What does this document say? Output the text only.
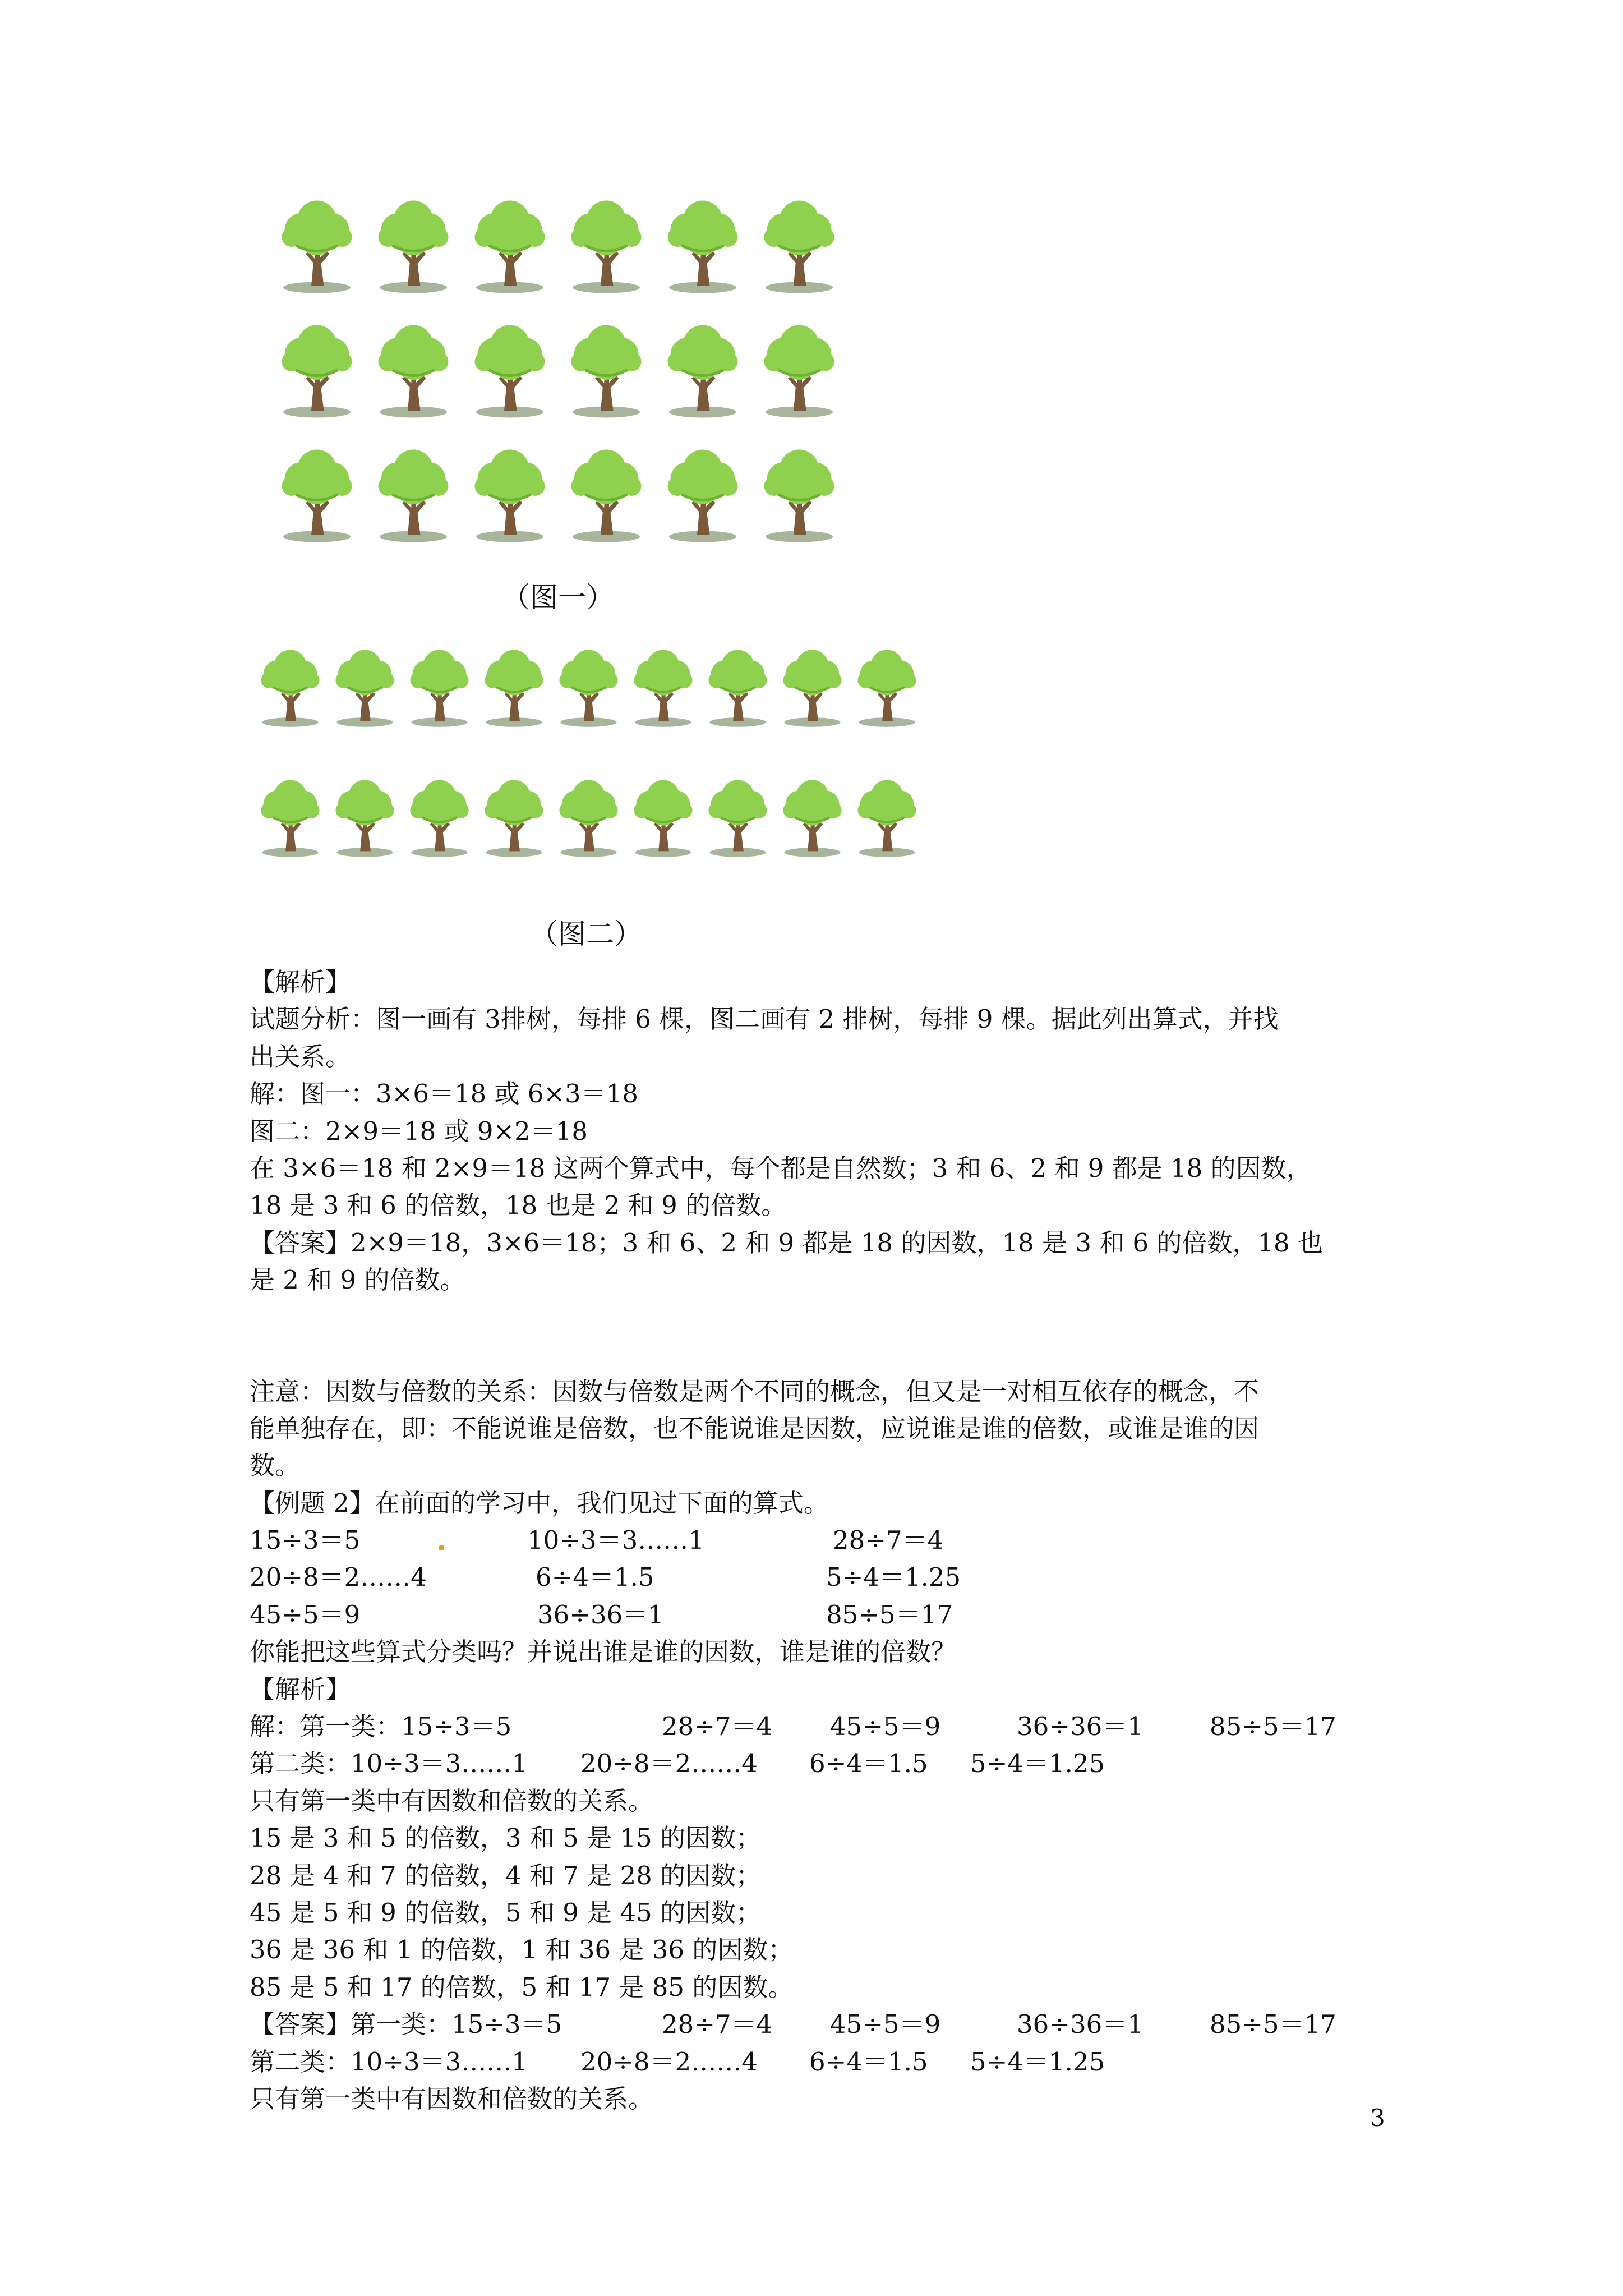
（图一）
（图二）
【解析】
试题分析：图一画有 3排树，每排 6 棵，图二画有 2 排树，每排 9 棵。据此列出算式，并找
出关系。
解：图一：3×6＝18 或 6×3＝18
图二：2×9＝18 或 9×2＝18
在 3×6＝18 和 2×9＝18 这两个算式中，每个都是自然数；3 和 6、2 和 9 都是 18 的因数，
18 是 3 和 6 的倍数，18 也是 2 和 9 的倍数。
【答案】2×9＝18，3×6＝18；3 和 6、2 和 9 都是 18 的因数，18 是 3 和 6 的倍数，18 也
是 2 和 9 的倍数。
注意：因数与倍数的关系：因数与倍数是两个不同的概念，但又是一对相互依存的概念，不
能单独存在，即：不能说谁是倍数，也不能说谁是因数，应说谁是谁的倍数，或谁是谁的因
数。
【例题 2】在前面的学习中，我们见过下面的算式。
15÷3＝5	10÷3＝3……1	28÷7＝4
20÷8＝2……4	6÷4＝1.5	5÷4＝1.25
45÷5＝9	36÷36＝1	85÷5＝17
你能把这些算式分类吗？并说出谁是谁的因数，谁是谁的倍数？
【解析】
解：第一类：15÷3＝5	28÷7＝4 45÷5＝9	36÷36＝1	85÷5＝17
第二类：10÷3＝3……1 20÷8＝2……4 6÷4＝1.5 5÷4＝1.25
只有第一类中有因数和倍数的关系。
15 是 3 和 5 的倍数，3 和 5 是 15 的因数；
28 是 4 和 7 的倍数，4 和 7 是 28 的因数；
45 是 5 和 9 的倍数，5 和 9 是 45 的因数；
36 是 36 和 1 的倍数，1 和 36 是 36 的因数；
85 是 5 和 17 的倍数，5 和 17 是 85 的因数。
【答案】第一类：15÷3＝5	28÷7＝4 45÷5＝9	36÷36＝1	85÷5＝17
第二类：10÷3＝3……1 20÷8＝2……4 6÷4＝1.5 5÷4＝1.25
只有第一类中有因数和倍数的关系。
3
